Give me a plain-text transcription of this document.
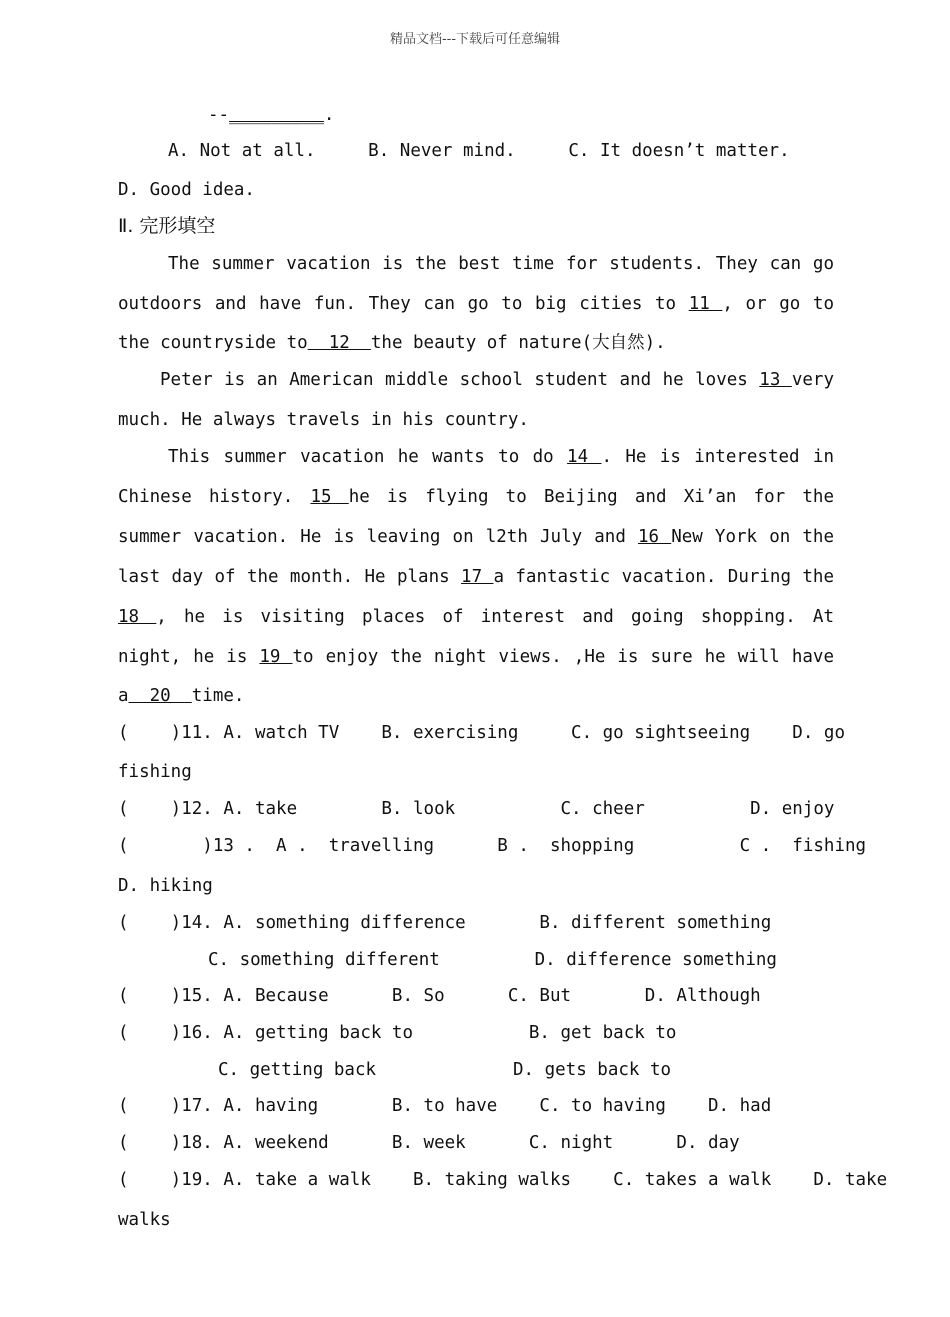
精品文档---下载后可任意编辑
--_________.
A. Not at all.     B. Never mind.     C. It doesn’t matter.
D. Good idea.
Ⅱ. 完形填空
The summer vacation is the best time for students. They can go
outdoors and have fun. They can go to big cities to 11 , or go to
the countryside to  12  the beauty of nature(大自然).
Peter is an American middle school student and he loves 13 very
much. He always travels in his country.
This summer vacation he wants to do 14 . He is interested in
Chinese history. 15 he is flying to Beijing and Xi’an for the
summer vacation. He is leaving on l2th July and 16 New York on the
last day of the month. He plans 17 a fantastic vacation. During the
18 , he is visiting places of interest and going shopping. At
night, he is 19 to enjoy the night views. ,He is sure he will have
a  20  time.
(    )11. A. watch TV    B. exercising     C. go sightseeing    D. go
fishing
(    )12. A. take        B. look          C. cheer          D. enjoy
(       )13 .  A .  travelling      B .  shopping          C .  fishing
D. hiking
(    )14. A. something difference       B. different something
C. something different         D. difference something
(    )15. A. Because      B. So      C. But       D. Although
(    )16. A. getting back to           B. get back to
C. getting back             D. gets back to
(    )17. A. having       B. to have    C. to having    D. had
(    )18. A. weekend      B. week      C. night      D. day
(    )19. A. take a walk    B. taking walks    C. takes a walk    D. take
walks
